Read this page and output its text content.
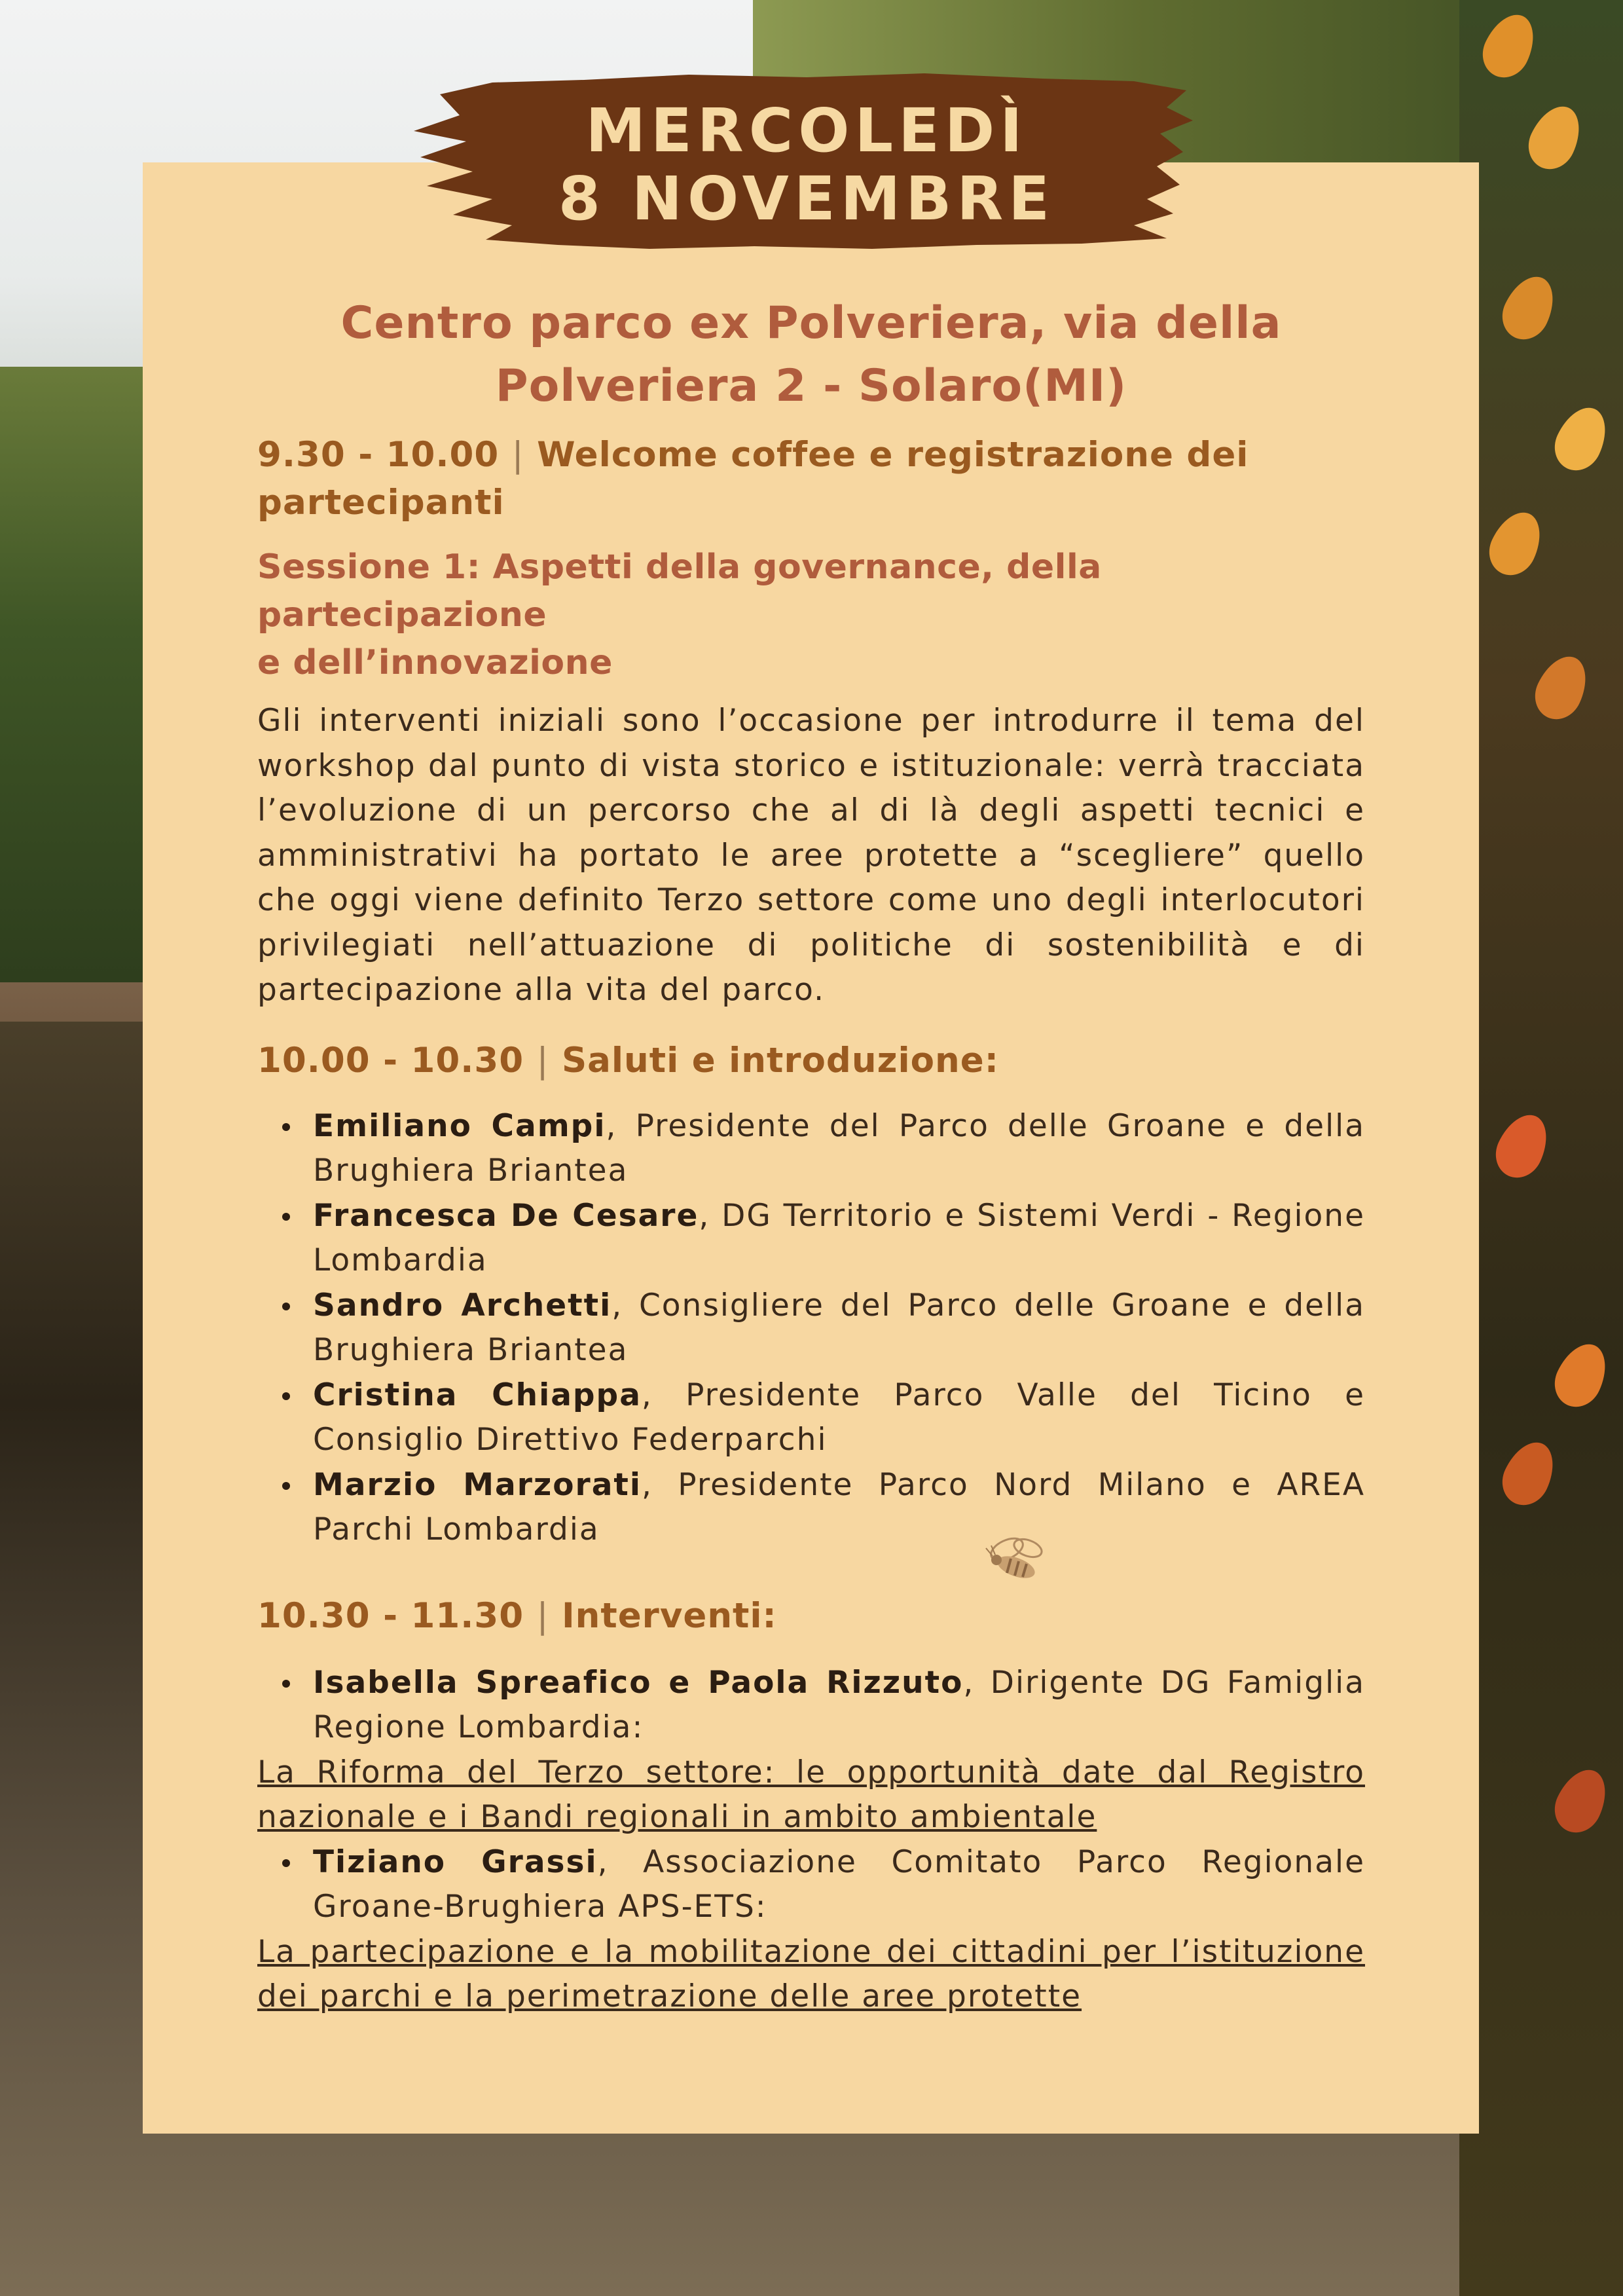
MERCOLEDÌ
8 NOVEMBRE
Centro parco ex Polveriera, via della
Polveriera 2 - Solaro(MI)
9.30 - 10.00 | Welcome coffee e registrazione dei
partecipanti
Sessione 1: Aspetti della governance, della partecipazione
e dell’innovazione

Gli interventi iniziali sono l’occasione per introdurre il tema del workshop dal punto di vista storico e istituzionale: verrà tracciata l’evoluzione di un percorso che al di là degli aspetti tecnici e amministrativi ha portato le aree protette a “scegliere” quello che oggi viene definito Terzo settore come uno degli interlocutori privilegiati nell’attuazione di politiche di sostenibilità e di partecipazione alla vita del parco.

10.00 - 10.30 | Saluti e introduzione:
Emiliano Campi, Presidente del Parco delle Groane e della Brughiera Briantea
Francesca De Cesare, DG Territorio e Sistemi Verdi - Regione Lombardia
Sandro Archetti, Consigliere del Parco delle Groane e della Brughiera Briantea
Cristina Chiappa, Presidente Parco Valle del Ticino e Consiglio Direttivo Federparchi
Marzio Marzorati, Presidente Parco Nord Milano e AREA Parchi Lombardia
10.30 - 11.30 | Interventi:
Isabella Spreafico e Paola Rizzuto, Dirigente DG Famiglia Regione Lombardia:

La Riforma del Terzo settore: le opportunità date dal Registro nazionale e i Bandi regionali in ambito ambientale

Tiziano Grassi, Associazione Comitato Parco Regionale Groane-Brughiera APS-ETS:

La partecipazione e la mobilitazione dei cittadini per l’istituzione dei parchi e la perimetrazione delle aree protette
